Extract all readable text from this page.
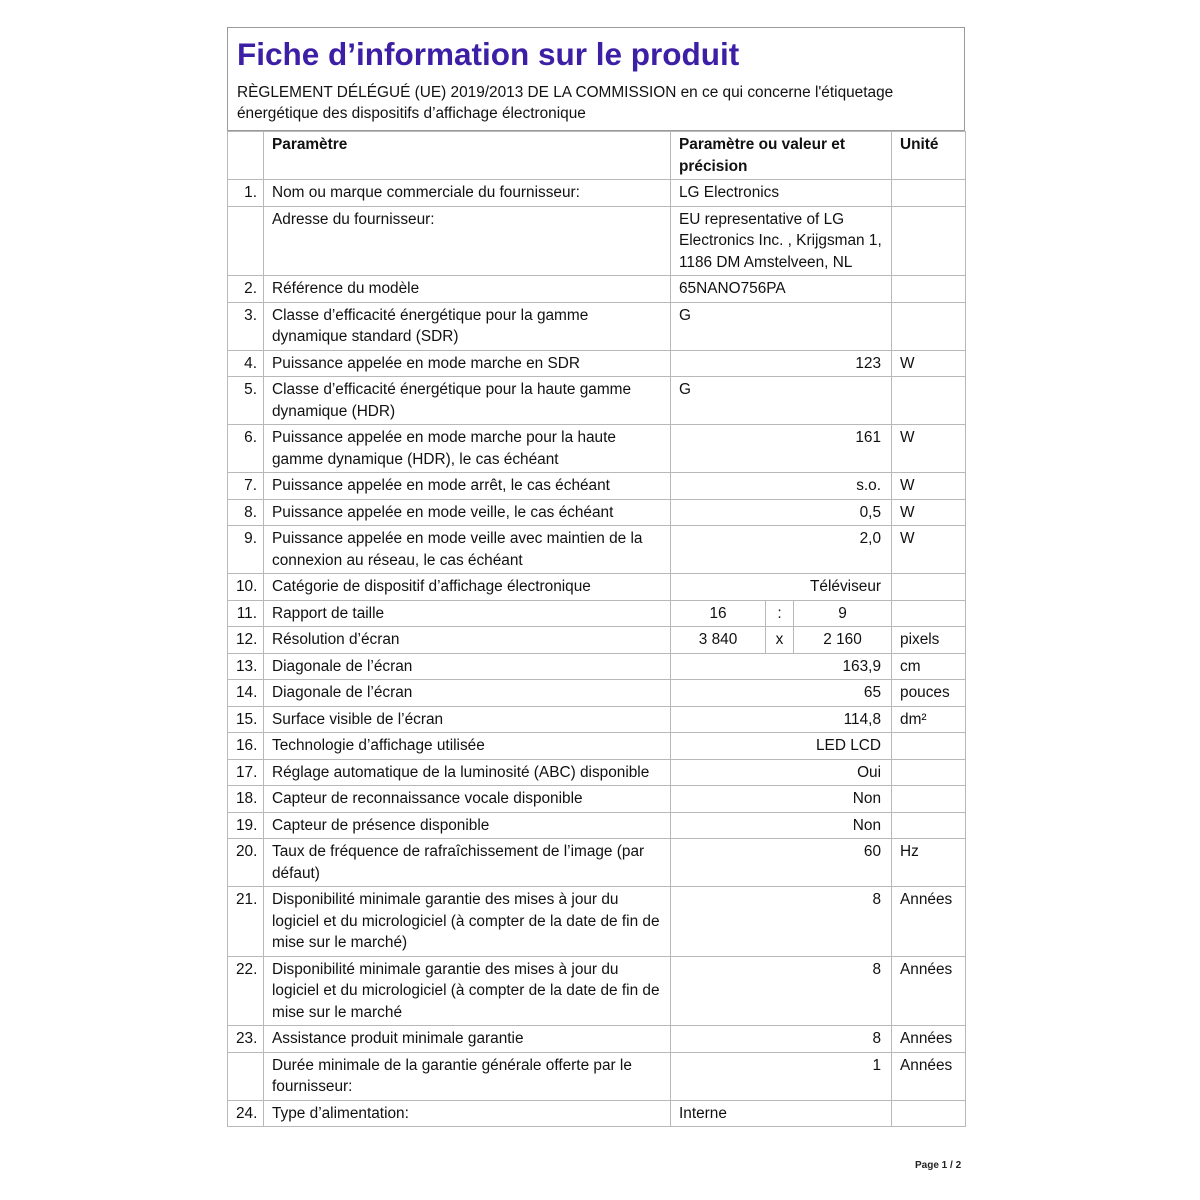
Fiche d’information sur le produit
RÈGLEMENT DÉLÉGUÉ (UE) 2019/2013 DE LA COMMISSION en ce qui concerne l'étiquetage énergétique des dispositifs d’affichage électronique
	Paramètre	Paramètre ou valeur et précision			Unité
1.	Nom ou marque commerciale du fournisseur:	LG Electronics			
	Adresse du fournisseur:	EU representative of LG Electronics Inc. , Krijgsman 1, 1186 DM Amstelveen, NL			
2.	Référence du modèle	65NANO756PA			
3.	Classe d’efficacité énergétique pour la gamme dynamique standard (SDR)	G			
4.	Puissance appelée en mode marche en SDR	123			W
5.	Classe d’efficacité énergétique pour la haute gamme dynamique (HDR)	G			
6.	Puissance appelée en mode marche pour la haute gamme dynamique (HDR), le cas échéant	161			W
7.	Puissance appelée en mode arrêt, le cas échéant	s.o.			W
8.	Puissance appelée en mode veille, le cas échéant	0,5			W
9.	Puissance appelée en mode veille avec maintien de la connexion au réseau, le cas échéant	2,0			W
10.	Catégorie de dispositif d’affichage électronique	Téléviseur			
11.	Rapport de taille	16	:	9	
12.	Résolution d’écran	3 840	x	2 160	pixels
13.	Diagonale de l’écran	163,9			cm
14.	Diagonale de l’écran	65			pouces
15.	Surface visible de l’écran	114,8			dm²
16.	Technologie d’affichage utilisée	LED LCD			
17.	Réglage automatique de la luminosité (ABC) disponible	Oui			
18.	Capteur de reconnaissance vocale disponible	Non			
19.	Capteur de présence disponible	Non			
20.	Taux de fréquence de rafraîchissement de l’image (par défaut)	60			Hz
21.	Disponibilité minimale garantie des mises à jour du logiciel et du micrologiciel (à compter de la date de fin de mise sur le marché)	8			Années
22.	Disponibilité minimale garantie des mises à jour du logiciel et du micrologiciel (à compter de la date de fin de mise sur le marché	8			Années
23.	Assistance produit minimale garantie	8			Années
	Durée minimale de la garantie générale offerte par le fournisseur:	1			Années
24.	Type d’alimentation:	Interne			
Page 1 / 2
